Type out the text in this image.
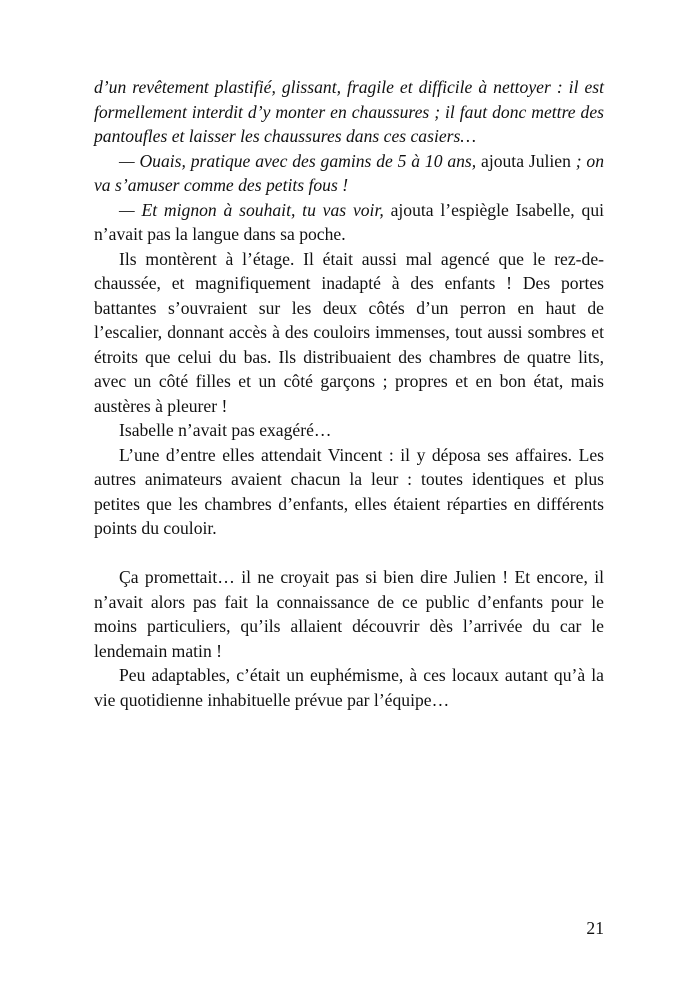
d’un revêtement plastifié, glissant, fragile et difficile à nettoyer : il est formellement interdit d’y monter en chaussures ; il faut donc mettre des pantoufles et laisser les chaussures dans ces casiers…

— Ouais, pratique avec des gamins de 5 à 10 ans, ajouta Julien ; on va s’amuser comme des petits fous !

— Et mignon à souhait, tu vas voir, ajouta l’espiègle Isabelle, qui n’avait pas la langue dans sa poche.

Ils montèrent à l’étage. Il était aussi mal agencé que le rez-de-chaussée, et magnifiquement inadapté à des enfants ! Des portes battantes s’ouvraient sur les deux côtés d’un perron en haut de l’escalier, donnant accès à des couloirs immenses, tout aussi sombres et étroits que celui du bas. Ils distribuaient des chambres de quatre lits, avec un côté filles et un côté garçons ; propres et en bon état, mais austères à pleurer !

Isabelle n’avait pas exagéré…

L’une d’entre elles attendait Vincent : il y déposa ses affaires. Les autres animateurs avaient chacun la leur : toutes identiques et plus petites que les chambres d’enfants, elles étaient réparties en différents points du couloir.

Ça promettait… il ne croyait pas si bien dire Julien ! Et encore, il n’avait alors pas fait la connaissance de ce public d’enfants pour le moins particuliers, qu’ils allaient découvrir dès l’arrivée du car le lendemain matin !

Peu adaptables, c’était un euphémisme, à ces locaux autant qu’à la vie quotidienne inhabituelle prévue par l’équipe…

21
